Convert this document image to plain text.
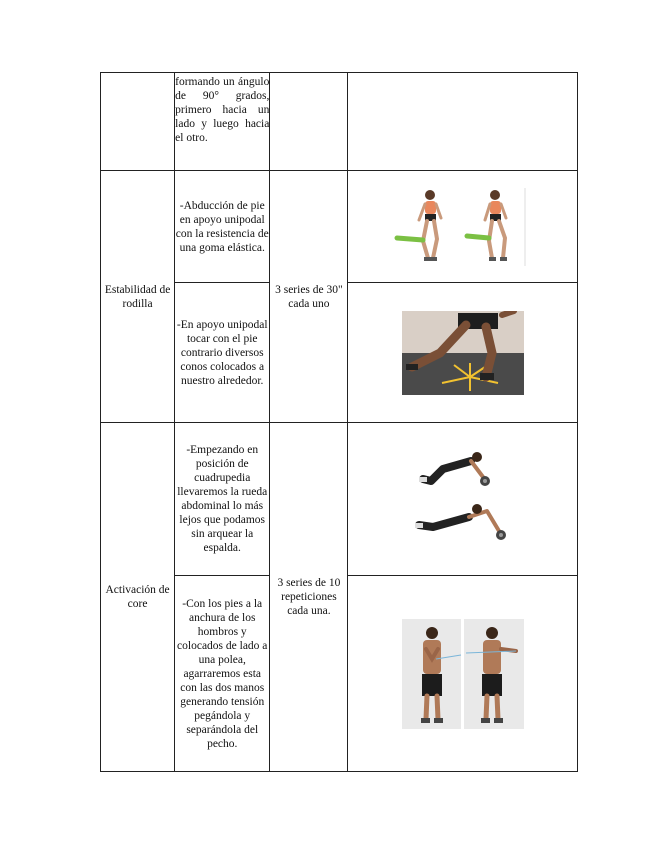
	formando un ángulo de 90° grados, primero hacia un lado y luego hacia el otro.		
Estabilidad de rodilla	-Abducción de pie en apoyo unipodal con la resistencia de una goma elástica.	3 series de 30" cada uno	

	-En apoyo unipodal tocar con el pie contrario diversos conos colocados a nuestro alrededor.	

Activación de core	-Empezando en posición de cuadrupedia llevaremos la rueda abdominal lo más lejos que podamos sin arquear la espalda.	3 series de 10 repeticiones cada una.	

	-Con los pies a la anchura de los hombros y colocados de lado a una polea, agarraremos esta con las dos manos generando tensión pegándola y separándola del pecho.	
